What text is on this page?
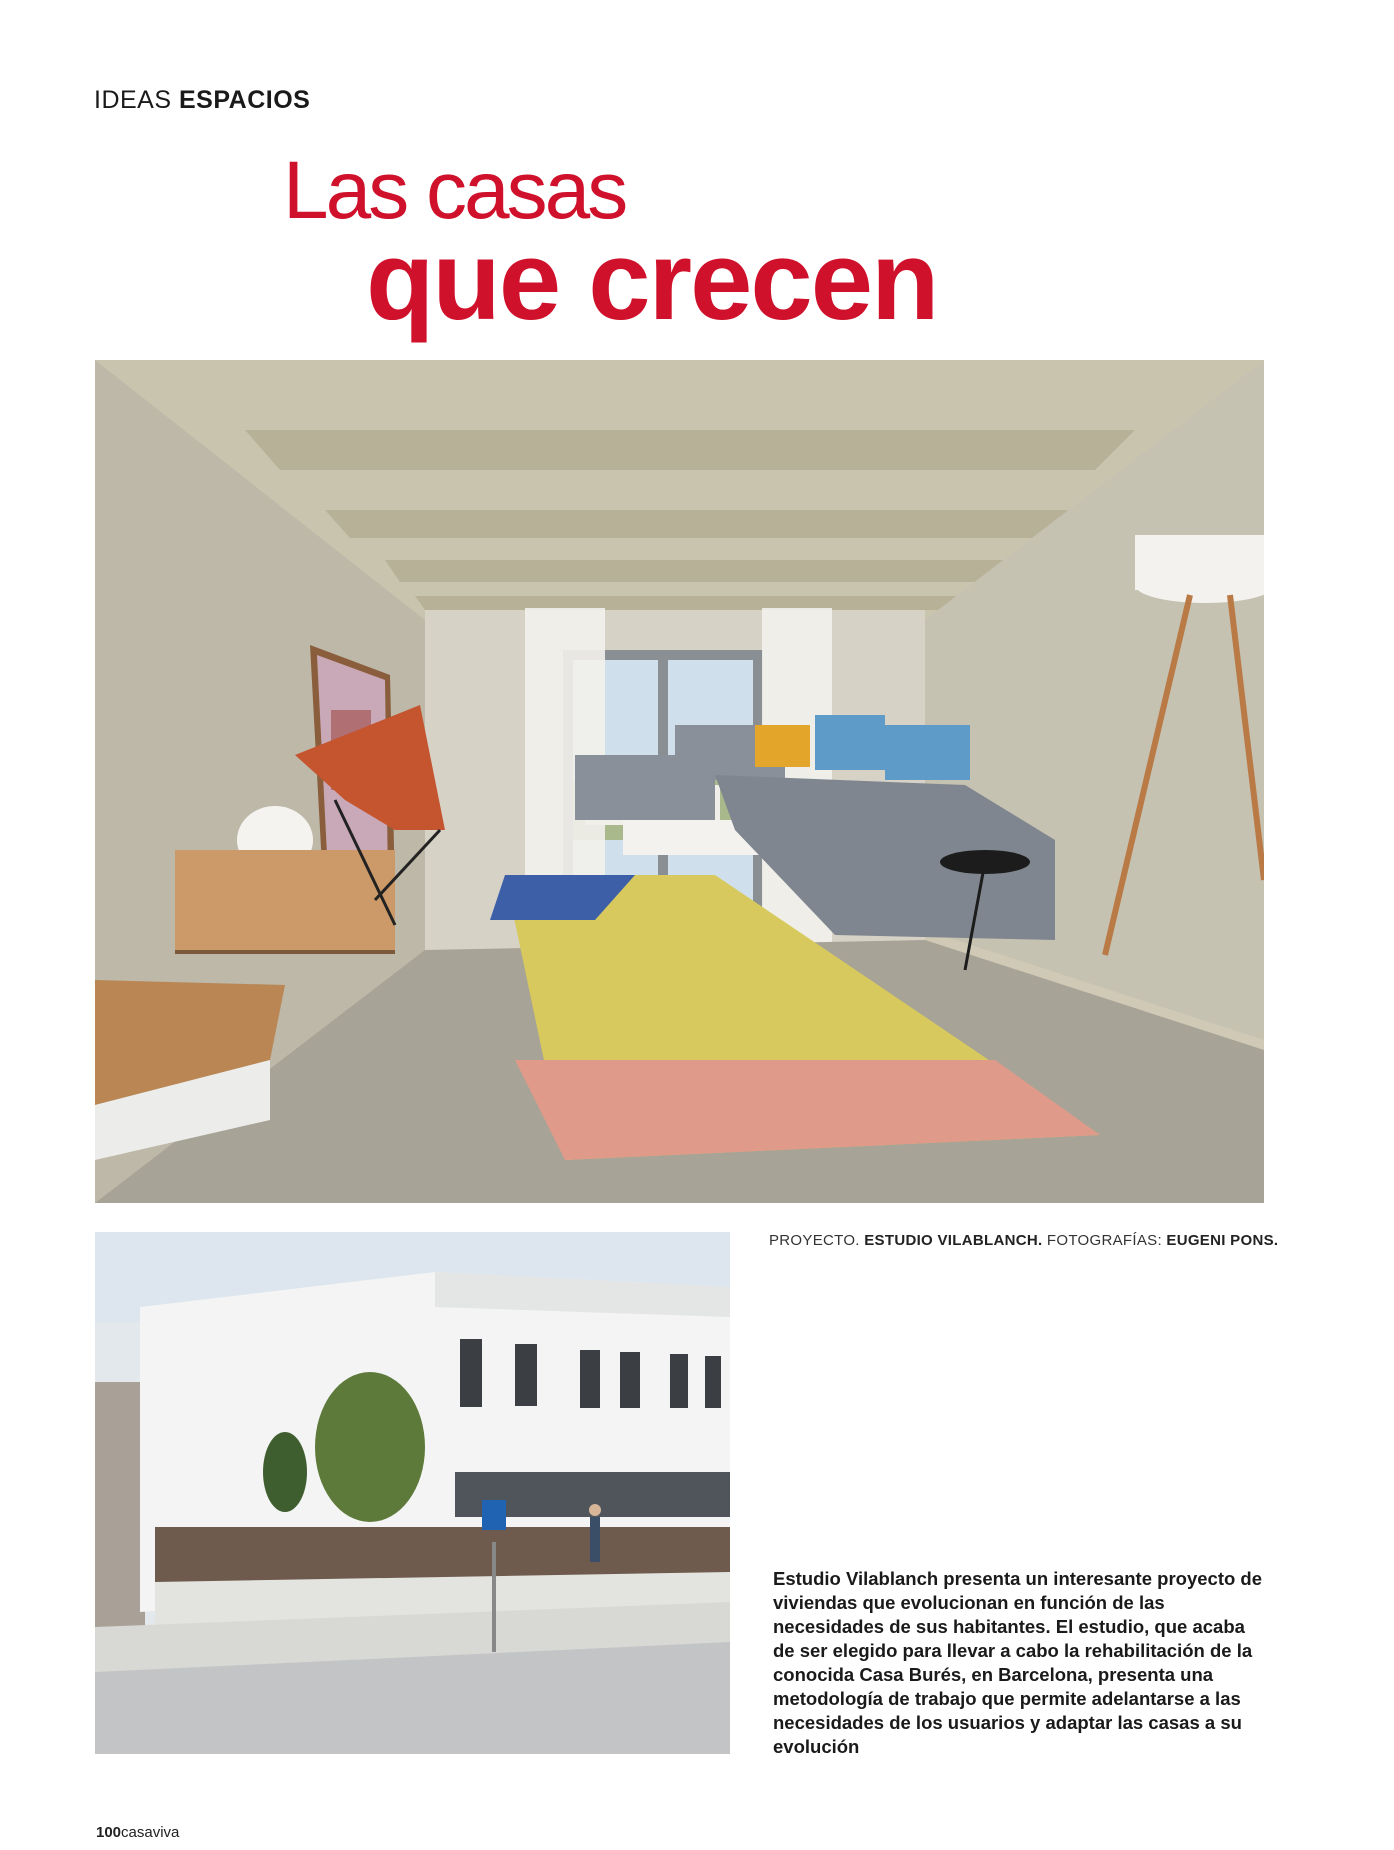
IDEAS ESPACIOS
Las casas
que crecen
PROYECTO. ESTUDIO VILABLANCH. FOTOGRAFÍAS: EUGENI PONS.
Estudio Vilablanch presenta un interesante proyecto de viviendas que evolucionan en función de las necesidades de sus habitantes. El estudio, que acaba de ser elegido para llevar a cabo la rehabilitación de la conocida Casa Burés, en Barcelona, presenta una metodología de trabajo que permite adelantarse a las necesidades de los usuarios y adaptar las casas a su evolución
100casaviva
